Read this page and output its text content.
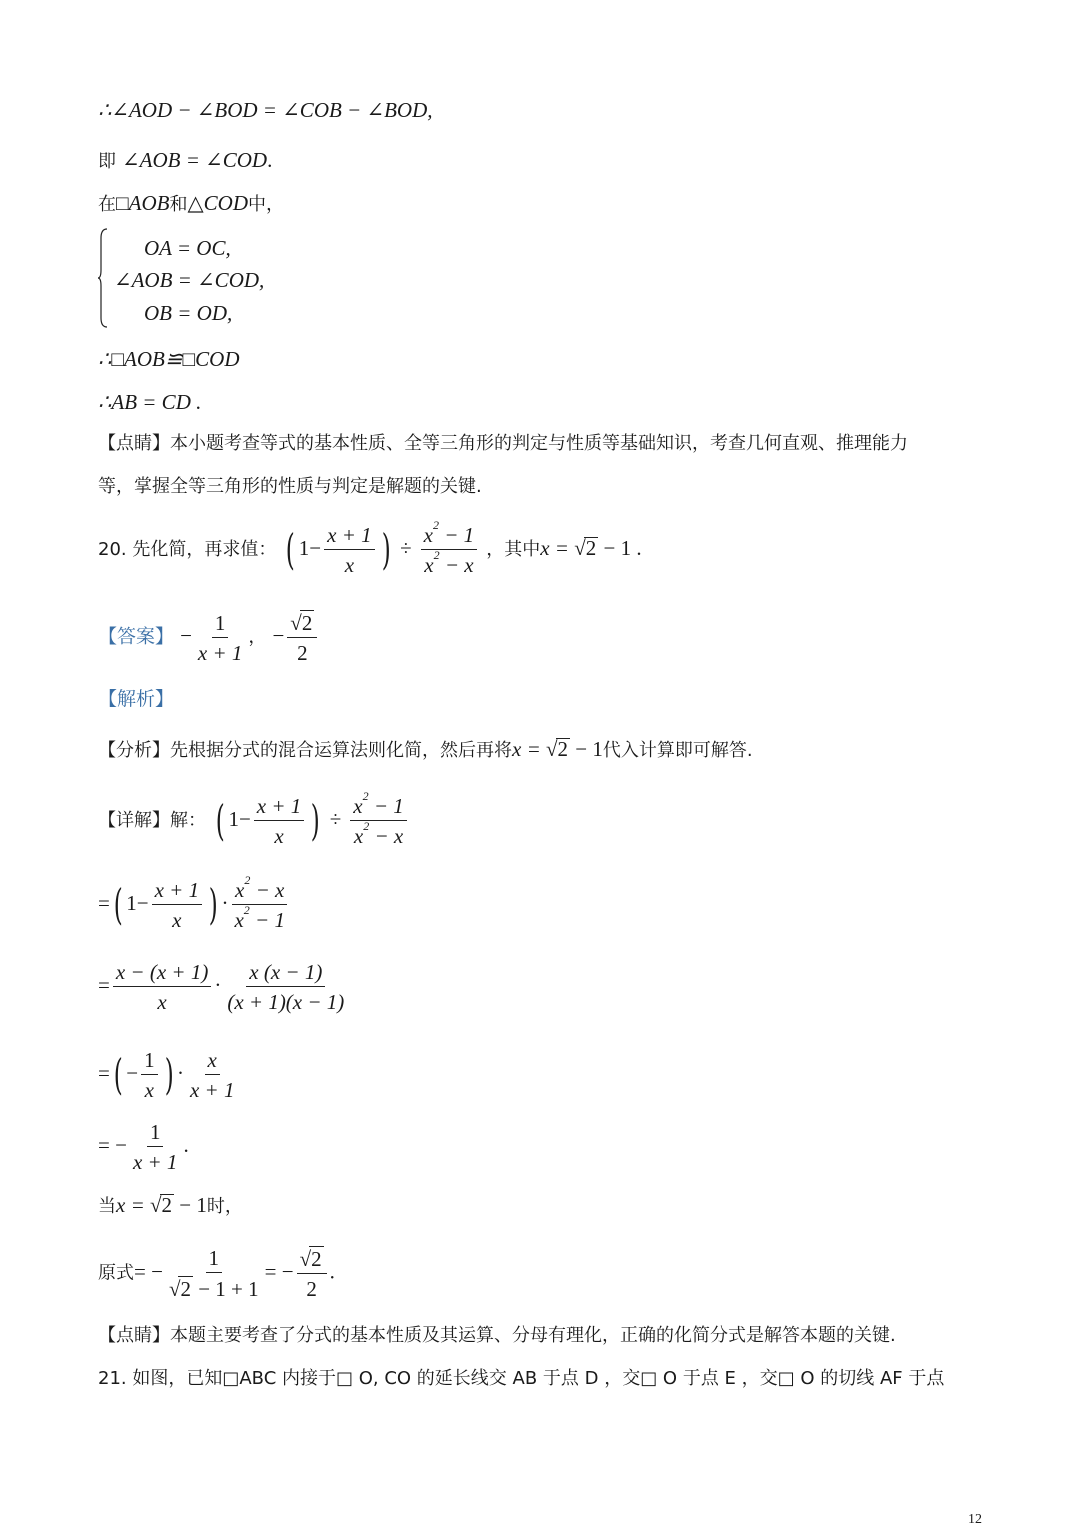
∴∠AOD − ∠BOD = ∠COB − ∠BOD,
即 ∠AOB = ∠COD.
在□AOB和△COD中，
OA = OC,
∠AOB = ∠COD,
OB = OD,
∴□AOB≌□COD
∴AB = CD .
【点睛】本小题考查等式的基本性质、全等三角形的判定与性质等基础知识，考查几何直观、推理能力
等，掌握全等三角形的性质与判定是解题的关键.
20. 先化简，再求值： ( $1- \frac{x + 1}{x}$ ) ÷ $\frac{x^2 - 1}{x^2 - x}$ ，其中x = √2 − 1 .
【答案】 − $\frac{1}{x + 1}$ ， − $\frac{√2}{2}$
【解析】
【分析】先根据分式的混合运算法则化简，然后再将x = √2 − 1代入计算即可解答.
【详解】解： ( $1- \frac{x + 1}{x}$ ) ÷ $\frac{x^2 - 1}{x^2 - x}$
=( $1- \frac{x + 1}{x}$ ) · $\frac{x^2 - x}{x^2 - 1}$
= $\frac{x - (x + 1)}{x} \cdot \frac{x (x - 1)}{(x + 1)(x - 1)}$
=( − $\frac{1}{x}$ ) · $\frac{x}{x + 1}$
= − $\frac{1}{x + 1}$ .
当x = √2 − 1时，
原式= − $\frac{1}{√2 - 1 + 1}$ = − $\frac{√2}{2}$ .
【点睛】本题主要考查了分式的基本性质及其运算、分母有理化，正确的化简分式是解答本题的关键.
21. 如图，已知□ABC 内接于□ O, CO 的延长线交 AB 于点 D ，交□ O 于点 E ，交□ O 的切线 AF 于点
12
